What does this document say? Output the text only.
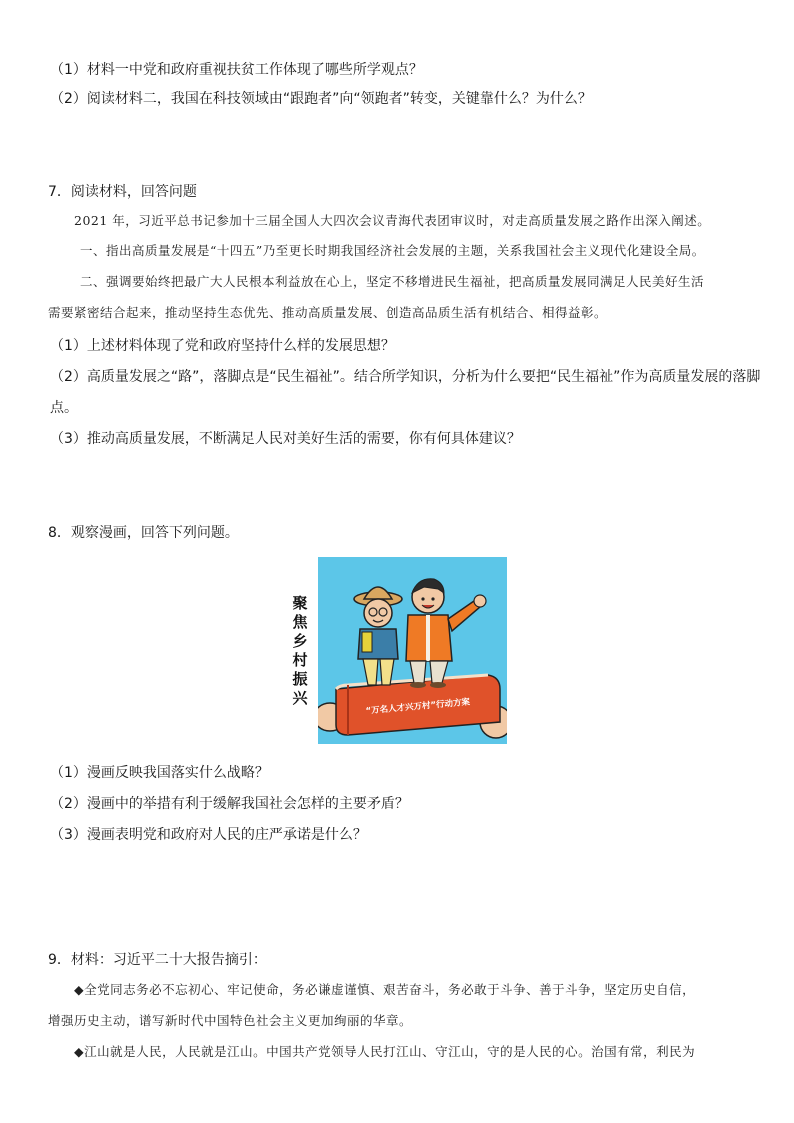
（1）材料一中党和政府重视扶贫工作体现了哪些所学观点？
（2）阅读材料二，我国在科技领域由“跟跑者”向“领跑者”转变，关键靠什么？为什么？
7．阅读材料，回答问题
2021 年，习近平总书记参加十三届全国人大四次会议青海代表团审议时，对走高质量发展之路作出深入阐述。
一、指出高质量发展是“十四五”乃至更长时期我国经济社会发展的主题，关系我国社会主义现代化建设全局。
二、强调要始终把最广大人民根本利益放在心上，坚定不移增进民生福祉，把高质量发展同满足人民美好生活
需要紧密结合起来，推动坚持生态优先、推动高质量发展、创造高品质生活有机结合、相得益彰。
（1）上述材料体现了党和政府坚持什么样的发展思想？
（2）高质量发展之“路”，落脚点是“民生福祉”。结合所学知识，分析为什么要把“民生福祉”作为高质量发展的落脚
点。
（3）推动高质量发展，不断满足人民对美好生活的需要，你有何具体建议？
8．观察漫画，回答下列问题。
聚
焦
乡
村
振
兴	“万名人才兴万村”行动方案
（1）漫画反映我国落实什么战略？
（2）漫画中的举措有利于缓解我国社会怎样的主要矛盾？
（3）漫画表明党和政府对人民的庄严承诺是什么？
9．材料：习近平二十大报告摘引：
◆全党同志务必不忘初心、牢记使命，务必谦虚谨慎、艰苦奋斗，务必敢于斗争、善于斗争，坚定历史自信，
增强历史主动，谱写新时代中国特色社会主义更加绚丽的华章。
◆江山就是人民，人民就是江山。中国共产党领导人民打江山、守江山，守的是人民的心。治国有常，利民为
